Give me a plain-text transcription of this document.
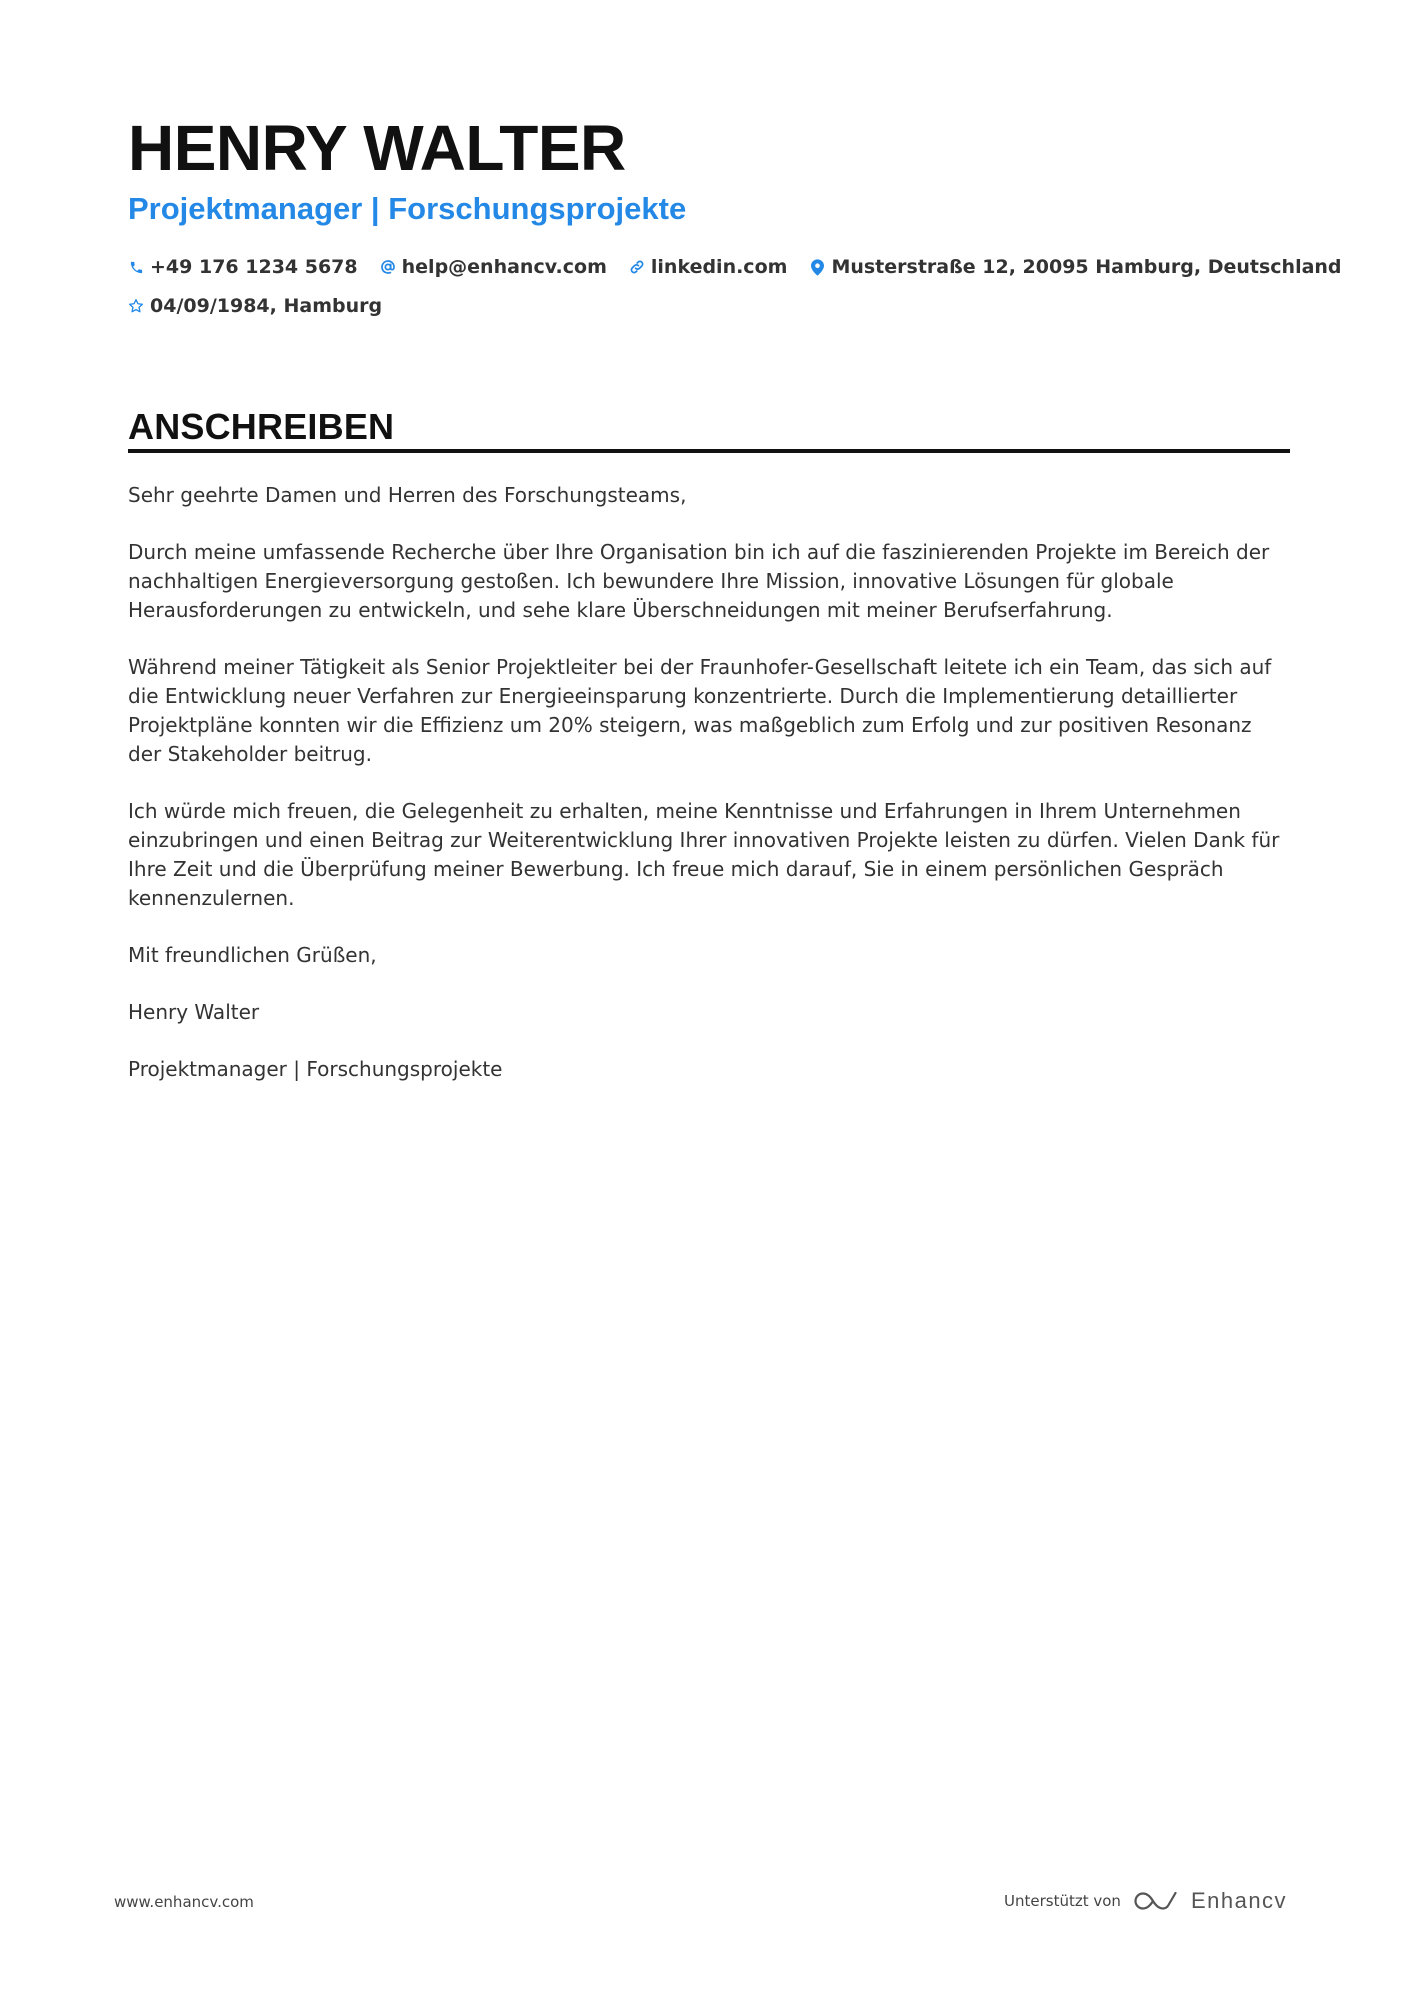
HENRY WALTER
Projektmanager | Forschungsprojekte
+49 176 1234 5678 help@enhancv.com linkedin.com Musterstraße 12, 20095 Hamburg, Deutschland
04/09/1984, Hamburg
ANSCHREIBEN

Sehr geehrte Damen und Herren des Forschungsteams,

Durch meine umfassende Recherche über Ihre Organisation bin ich auf die faszinierenden Projekte im Bereich der nachhaltigen Energieversorgung gestoßen. Ich bewundere Ihre Mission, innovative Lösungen für globale Herausforderungen zu entwickeln, und sehe klare Überschneidungen mit meiner Berufserfahrung.

Während meiner Tätigkeit als Senior Projektleiter bei der Fraunhofer-Gesellschaft leitete ich ein Team, das sich auf die Entwicklung neuer Verfahren zur Energieeinsparung konzentrierte. Durch die Implementierung detaillierter Projektpläne konnten wir die Effizienz um 20% steigern, was maßgeblich zum Erfolg und zur positiven Resonanz der Stakeholder beitrug.

Ich würde mich freuen, die Gelegenheit zu erhalten, meine Kenntnisse und Erfahrungen in Ihrem Unternehmen einzubringen und einen Beitrag zur Weiterentwicklung Ihrer innovativen Projekte leisten zu dürfen. Vielen Dank für Ihre Zeit und die Überprüfung meiner Bewerbung. Ich freue mich darauf, Sie in einem persönlichen Gespräch kennenzulernen.

Mit freundlichen Grüßen,

Henry Walter

Projektmanager | Forschungsprojekte

www.enhancv.com	Unterstützt von	Enhancv
